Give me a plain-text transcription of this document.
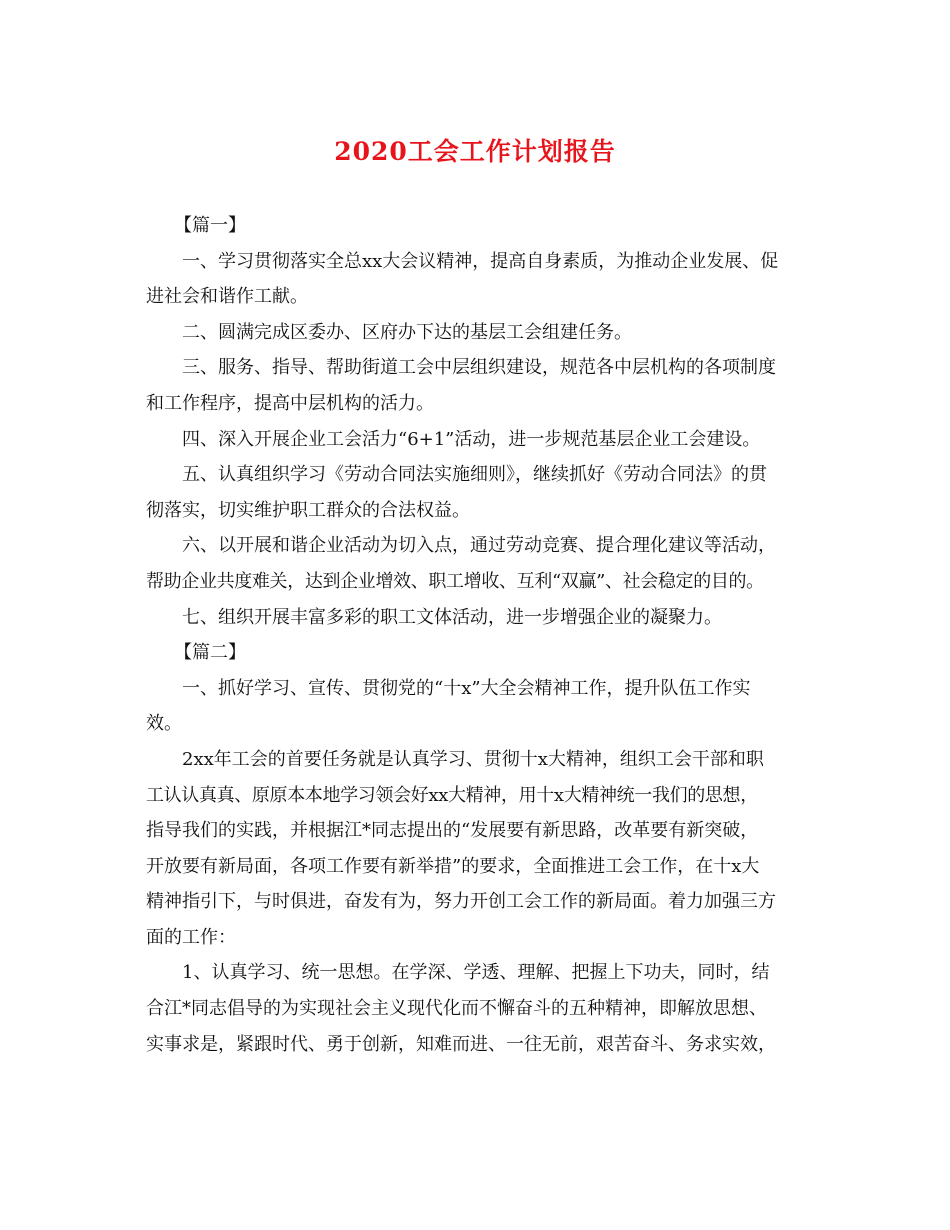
2020工会工作计划报告
【篇一】
一、学习贯彻落实全总xx大会议精神，提高自身素质，为推动企业发展、促
进社会和谐作工献。
二、圆满完成区委办、区府办下达的基层工会组建任务。
三、服务、指导、帮助街道工会中层组织建设，规范各中层机构的各项制度
和工作程序，提高中层机构的活力。
四、深入开展企业工会活力“6+1”活动，进一步规范基层企业工会建设。
五、认真组织学习《劳动合同法实施细则》，继续抓好《劳动合同法》的贯
彻落实，切实维护职工群众的合法权益。
六、以开展和谐企业活动为切入点，通过劳动竞赛、提合理化建议等活动，
帮助企业共度难关，达到企业增效、职工增收、互利“双赢”、社会稳定的目的。
七、组织开展丰富多彩的职工文体活动，进一步增强企业的凝聚力。
【篇二】
一、抓好学习、宣传、贯彻党的“十x”大全会精神工作，提升队伍工作实
效。
2xx年工会的首要任务就是认真学习、贯彻十x大精神，组织工会干部和职
工认认真真、原原本本地学习领会好xx大精神，用十x大精神统一我们的思想，
指导我们的实践，并根据江*同志提出的“发展要有新思路，改革要有新突破，
开放要有新局面，各项工作要有新举措”的要求，全面推进工会工作，在十x大
精神指引下，与时俱进，奋发有为，努力开创工会工作的新局面。着力加强三方
面的工作：
1、认真学习、统一思想。在学深、学透、理解、把握上下功夫，同时，结
合江*同志倡导的为实现社会主义现代化而不懈奋斗的五种精神，即解放思想、
实事求是，紧跟时代、勇于创新，知难而进、一往无前，艰苦奋斗、务求实效，
